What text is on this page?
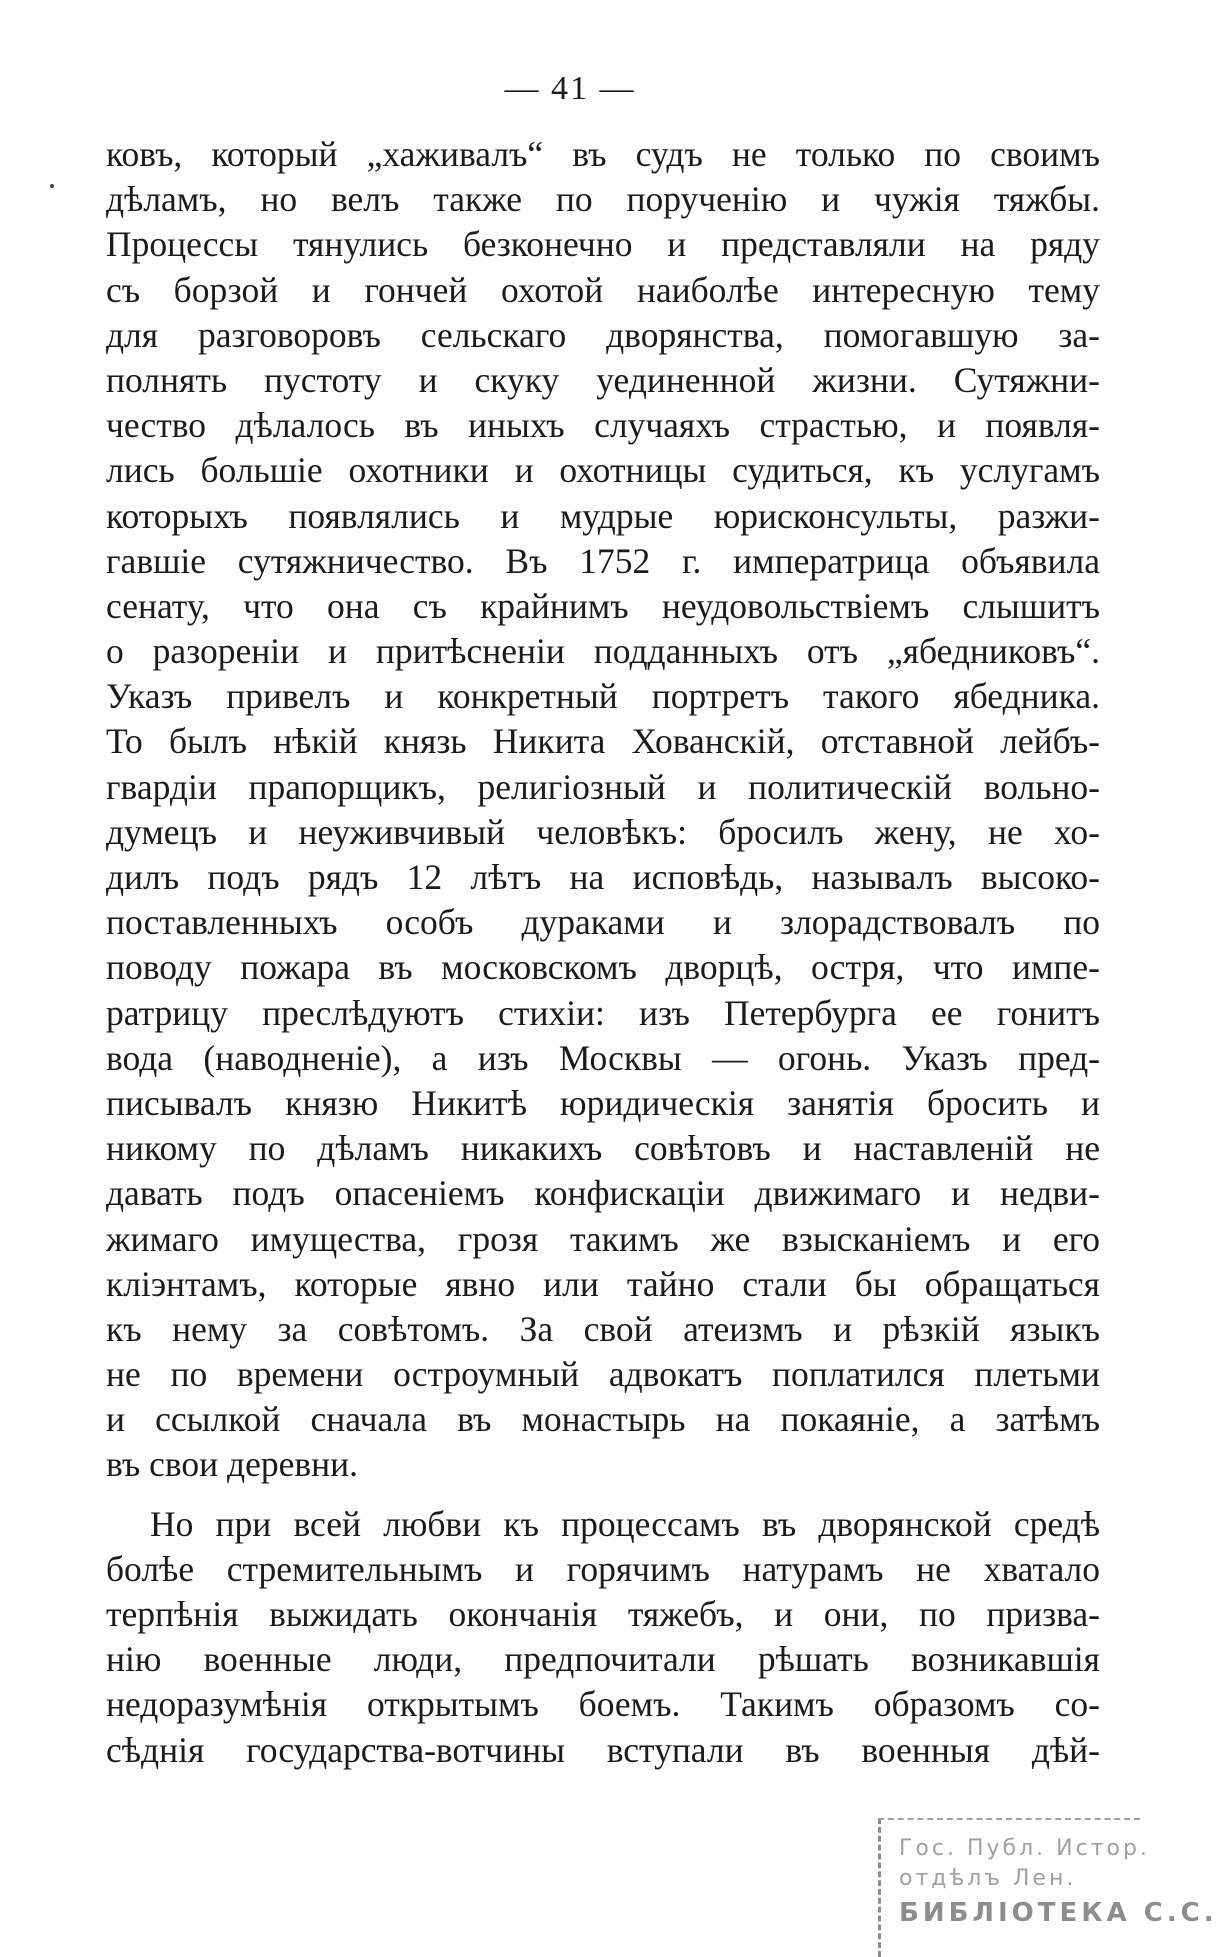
— 41 —
ковъ, который „хаживалъ“ въ судъ не только по своимъ
дѣламъ, но велъ также по порученію и чужія тяжбы.
Процессы тянулись безконечно и представляли на ряду
съ борзой и гончей охотой наиболѣе интересную тему
для разговоровъ сельскаго дворянства, помогавшую за-
полнять пустоту и скуку уединенной жизни. Сутяжни-
чество дѣлалось въ иныхъ случаяхъ страстью, и появля-
лись большіе охотники и охотницы судиться, къ услугамъ
которыхъ появлялись и мудрые юрисконсульты, разжи-
гавшіе сутяжничество. Въ 1752 г. императрица объявила
сенату, что она съ крайнимъ неудовольствіемъ слышитъ
о разореніи и притѣсненіи подданныхъ отъ „ябедниковъ“.
Указъ привелъ и конкретный портретъ такого ябедника.
То былъ нѣкій князь Никита Хованскій, отставной лейбъ-
гвардіи прапорщикъ, религіозный и политическій вольно-
думецъ и неуживчивый человѣкъ: бросилъ жену, не хо-
дилъ подъ рядъ 12 лѣтъ на исповѣдь, называлъ высоко-
поставленныхъ особъ дураками и злорадствовалъ по
поводу пожара въ московскомъ дворцѣ, остря, что импе-
ратрицу преслѣдуютъ стихіи: изъ Петербурга ее гонитъ
вода (наводненіе), а изъ Москвы — огонь. Указъ пред-
писывалъ князю Никитѣ юридическія занятія бросить и
никому по дѣламъ никакихъ совѣтовъ и наставленій не
давать подъ опасеніемъ конфискаціи движимаго и недви-
жимаго имущества, грозя такимъ же взысканіемъ и его
кліэнтамъ, которые явно или тайно стали бы обращаться
къ нему за совѣтомъ. За свой атеизмъ и рѣзкій языкъ
не по времени остроумный адвокатъ поплатился плетьми
и ссылкой сначала въ монастырь на покаяніе, а затѣмъ
въ свои деревни.
Но при всей любви къ процессамъ въ дворянской средѣ
болѣе стремительнымъ и горячимъ натурамъ не хватало
терпѣнія выжидать окончанія тяжебъ, и они, по призва-
нію военные люди, предпочитали рѣшать возникавшія
недоразумѣнія открытымъ боемъ. Такимъ образомъ со-
сѣднія государства-вотчины вступали въ военныя дѣй-
Гос. Публ. Истор.
отдѣлъ Лен.
БИБЛІОТЕКА С.С.
